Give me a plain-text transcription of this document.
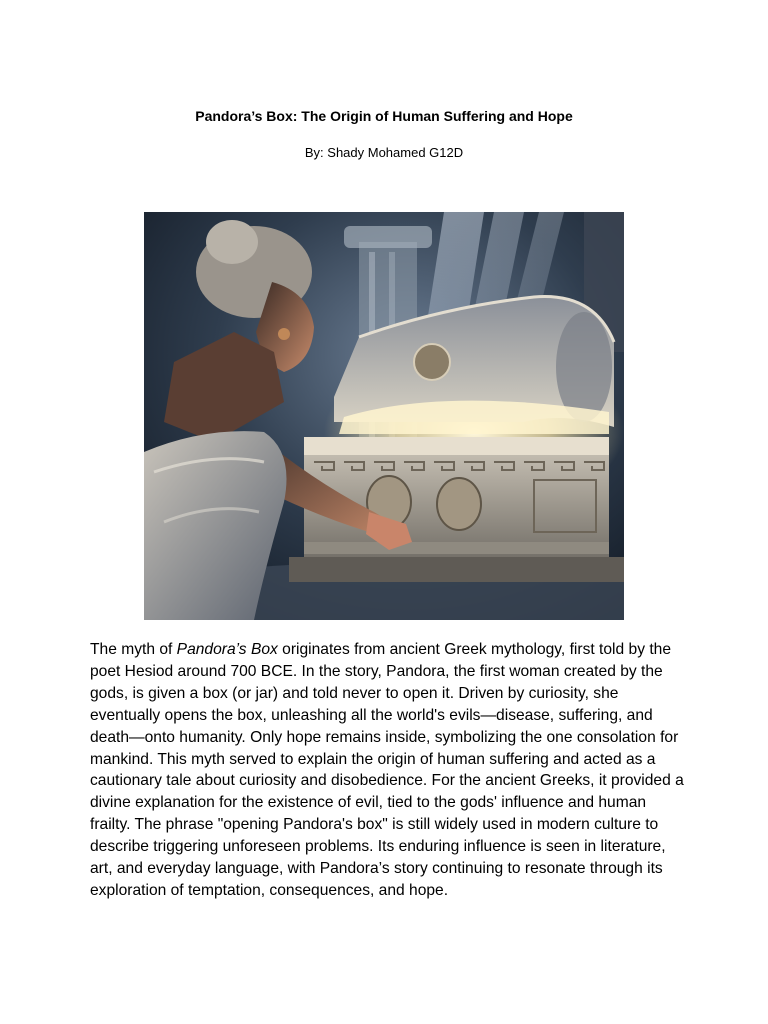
Pandora’s Box: The Origin of Human Suffering and Hope
By: Shady Mohamed G12D

The myth of Pandora’s Box originates from ancient Greek mythology, first told by the poet Hesiod around 700 BCE. In the story, Pandora, the first woman created by the gods, is given a box (or jar) and told never to open it. Driven by curiosity, she eventually opens the box, unleashing all the world's evils—disease, suffering, and death—onto humanity. Only hope remains inside, symbolizing the one consolation for mankind. This myth served to explain the origin of human suffering and acted as a cautionary tale about curiosity and disobedience. For the ancient Greeks, it provided a divine explanation for the existence of evil, tied to the gods' influence and human frailty. The phrase "opening Pandora's box" is still widely used in modern culture to describe triggering unforeseen problems. Its enduring influence is seen in literature, art, and everyday language, with Pandora’s story continuing to resonate through its exploration of temptation, consequences, and hope.
